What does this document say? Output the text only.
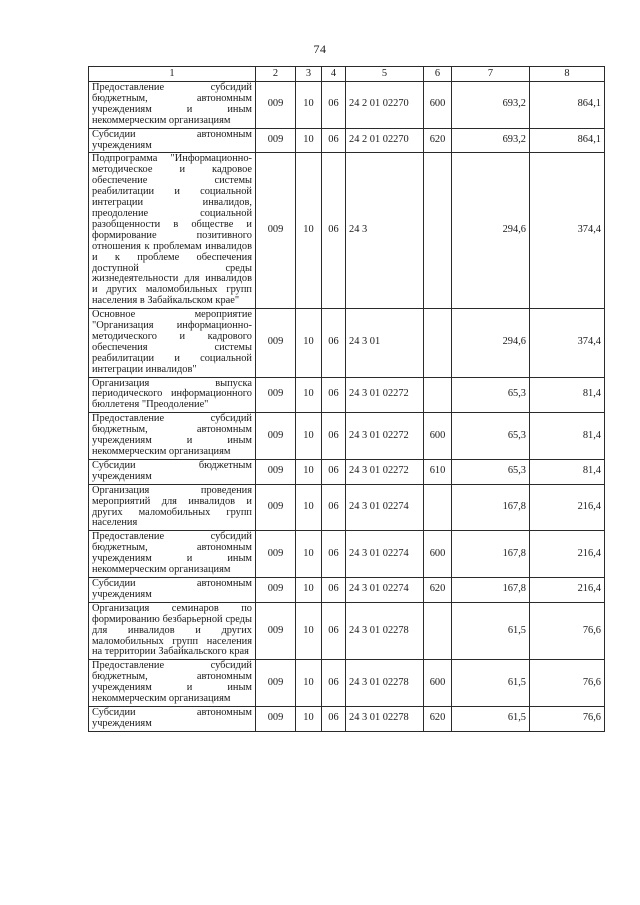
74
1	2	3	4	5	6	7	8
Предоставление субсидий бюджетным, автономным учреждениям и иным некоммерческим организациям	009	10	06	24 2 01 02270	600	693,2	864,1
Субсидии автономным учреждениям	009	10	06	24 2 01 02270	620	693,2	864,1
Подпрограмма "Информационно-методическое и кадровое обеспечение системы реабилитации и социальной интеграции инвалидов, преодоление социальной разобщенности в обществе и формирование позитивного отношения к проблемам инвалидов и к проблеме обеспечения доступной среды жизнедеятельности для инвалидов и других маломобильных групп населения в Забайкальском крае"	009	10	06	24 3		294,6	374,4
Основное мероприятие "Организация информационно-методического и кадрового обеспечения системы реабилитации и социальной интеграции инвалидов"	009	10	06	24 3 01		294,6	374,4
Организация выпуска периодического информационного бюллетеня "Преодоление"	009	10	06	24 3 01 02272		65,3	81,4
Предоставление субсидий бюджетным, автономным учреждениям и иным некоммерческим организациям	009	10	06	24 3 01 02272	600	65,3	81,4
Субсидии бюджетным учреждениям	009	10	06	24 3 01 02272	610	65,3	81,4
Организация проведения мероприятий для инвалидов и других маломобильных групп населения	009	10	06	24 3 01 02274		167,8	216,4
Предоставление субсидий бюджетным, автономным учреждениям и иным некоммерческим организациям	009	10	06	24 3 01 02274	600	167,8	216,4
Субсидии автономным учреждениям	009	10	06	24 3 01 02274	620	167,8	216,4
Организация семинаров по формированию безбарьерной среды для инвалидов и других маломобильных групп населения на территории Забайкальского края	009	10	06	24 3 01 02278		61,5	76,6
Предоставление субсидий бюджетным, автономным учреждениям и иным некоммерческим организациям	009	10	06	24 3 01 02278	600	61,5	76,6
Субсидии автономным учреждениям	009	10	06	24 3 01 02278	620	61,5	76,6
